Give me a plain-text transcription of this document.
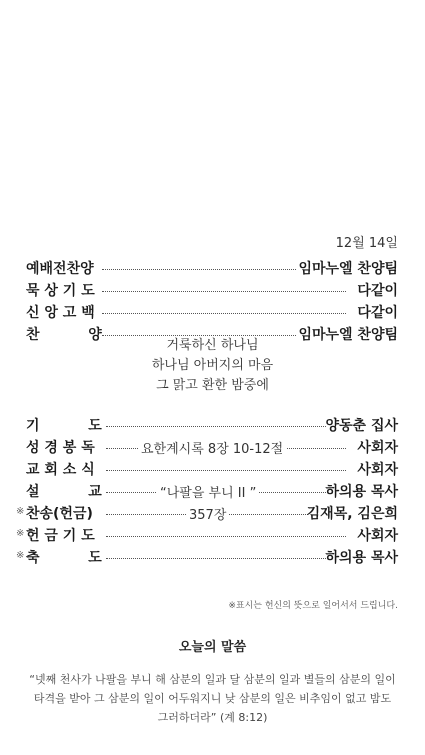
12월 14일
예배전찬양	임마누엘 찬양팀
묵 상 기 도	다같이
신 앙 고 백	다같이
찬          양	임마누엘 찬양팀
거룩하신 하나님
하나님 아버지의 마음
그 맑고 환한 밤중에
기          도	양동춘 집사
성 경 봉 독	요한계시록 8장 10-12절	사회자
교 회 소 식	사회자
설          교	“나팔을 부니 II ”	하의용 목사
※ 찬송(헌금)	357장	김재목, 김은희
※ 헌 금 기 도	사회자
※ 축          도	하의용 목사
※표시는 헌신의 뜻으로 일어서서 드립니다.
오늘의 말씀
“넷째 천사가 나팔을 부니 해 삼분의 일과 달 삼분의 일과 별들의 삼분의 일이
타격을 받아 그 삼분의 일이 어두워지니 낮 삼분의 일은 비추임이 없고 밤도
그러하더라” (계 8:12)
